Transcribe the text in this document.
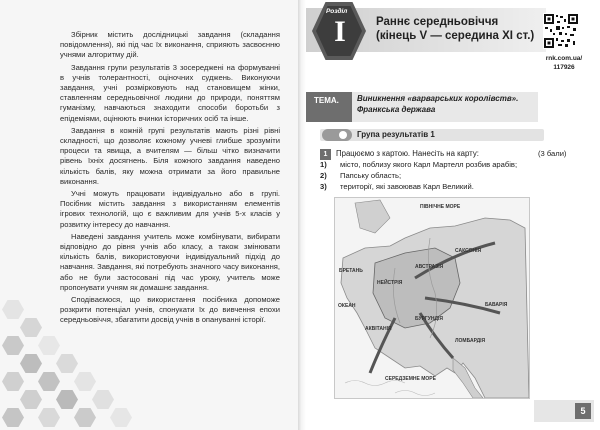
Збірник містить дослідницькі завдання (складання повідомлення), які під час їх виконання, сприяють засвоєнню учнями алгоритму дій.

Завдання групи результатів 3 зосереджені на формуванні в учнів толерантності, оціночних суджень. Виконуючи завдання, учні розмірковують над становищем жінки, ставленням середньовічної людини до природи, поняттям гуманізму, навчаються знаходити способи боротьби з епідеміями, оцінюють вчинки історичних осіб та інше.

Завдання в кожній групі результатів мають різні рівні складності, що дозволяє кожному учневі глибше зрозуміти процеси та явища, а вчителям — більш чітко визначити рівень їхніх досягнень. Біля кожного завдання наведено кількість балів, яку можна отримати за його правильне виконання.

Учні можуть працювати індивідуально або в групі. Посібник містить завдання з використанням елементів ігрових технологій, що є важливим для учнів 5-х класів у розвитку інтересу до навчання.

Наведені завдання учитель може комбінувати, вибирати відповідно до рівня учнів або класу, а також змінювати кількість балів, використовуючи індивідуальний підхід до навчання. Завдання, які потребують значного часу виконання, або не були застосовані під час уроку, учитель може пропонувати учням як домашнє завдання.

Сподіваємося, що використання посібника допоможе розкрити потенціал учнів, спонукати їх до вивчення епохи середньовіччя, збагатити досвід учнів в опануванні історії.

Розділ
I	Раннє середньовіччя (кінець V — середина XI ст.)
rnk.com.ua/
117926
ТЕМА. Виникнення «варварських королівств». Франкська держава
Група результатів 1
1	Працюємо з картою. Нанесіть на карту:	(3 бали)
1) місто, поблизу якого Карл Мартелл розбив арабів;
2) Папську область;
3) території, які завоював Карл Великий.
ПІВНІЧНЕ МОРЕ
АВСТРАЗІЯ
САКСОНІЯ
НЕЙСТРІЯ
БРЕТАНЬ
АКВІТАНІЯ
БАВАРІЯ
ЛОМБАРДІЯ
БУРГУНДІЯ
СЕРЕДЗЕМНЕ МОРЕ
ОКЕАН
5
